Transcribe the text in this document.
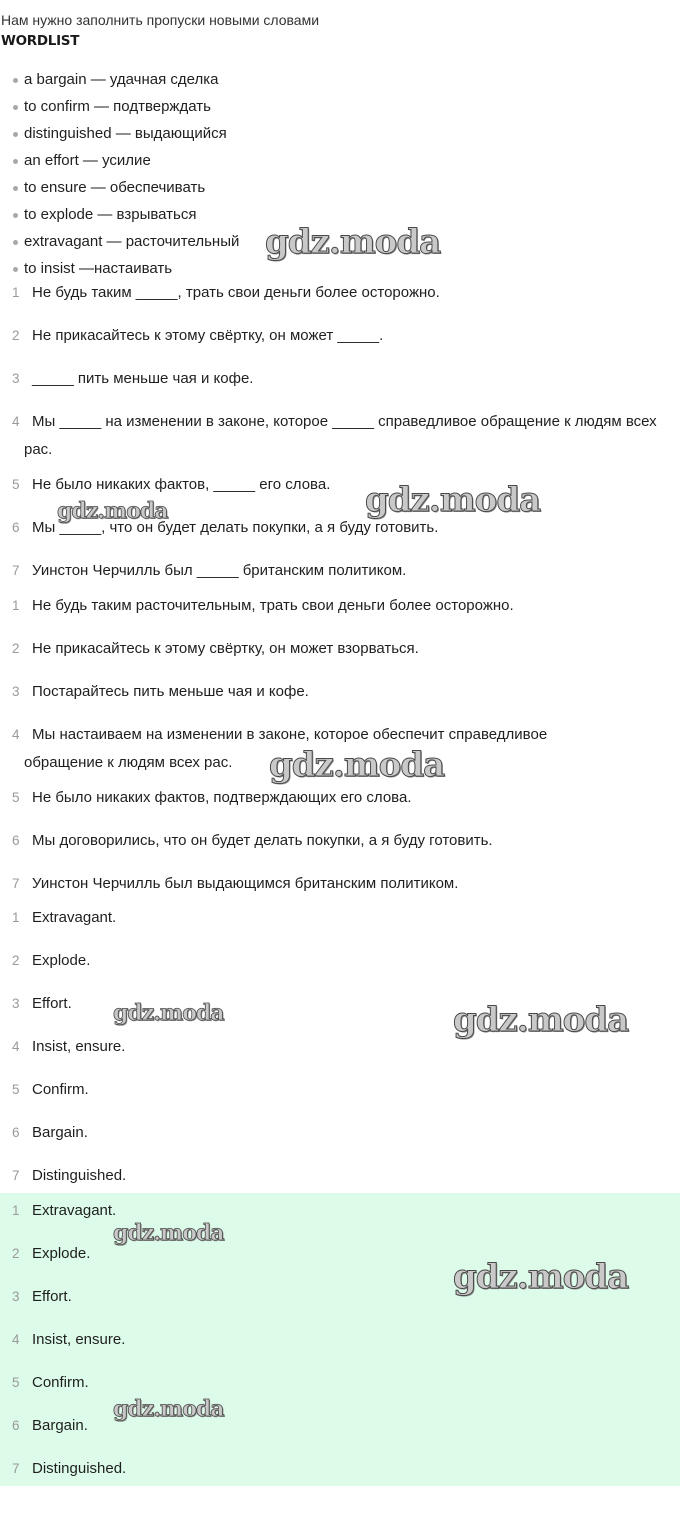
Нам нужно заполнить пропуски новыми словами
WORDLIST
a bargain — удачная сделка
to confirm — подтверждать
distinguished — выдающийся
an effort — усилие
to ensure — обеспечивать
to explode — взрываться
extravagant — расточительный
to insist —настаивать
1 Не будь таким _____, трать свои деньги более осторожно.
2 Не прикасайтесь к этому свёртку, он может _____.
3 _____ пить меньше чая и кофе.
4 Мы _____ на изменении в законе, которое _____ справедливое обращение к людям всех рас.
5 Не было никаких фактов, _____ его слова.
6 Мы _____, что он будет делать покупки, а я буду готовить.
7 Уинстон Черчилль был _____ британским политиком.
1 Не будь таким расточительным, трать свои деньги более осторожно.
2 Не прикасайтесь к этому свёртку, он может взорваться.
3 Постарайтесь пить меньше чая и кофе.
4 Мы настаиваем на изменении в законе, которое обеспечит справедливое обращение к людям всех рас.
5 Не было никаких фактов, подтверждающих его слова.
6 Мы договорились, что он будет делать покупки, а я буду готовить.
7 Уинстон Черчилль был выдающимся британским политиком.
1 Extravagant.
2 Explode.
3 Effort.
4 Insist, ensure.
5 Confirm.
6 Bargain.
7 Distinguished.
1 Extravagant.
2 Explode.
3 Effort.
4 Insist, ensure.
5 Confirm.
6 Bargain.
7 Distinguished.
gdz.moda
gdz.moda
gdz.moda
gdz.moda
gdz.moda	gdz.moda
gdz.moda
gdz.moda
gdz.moda
